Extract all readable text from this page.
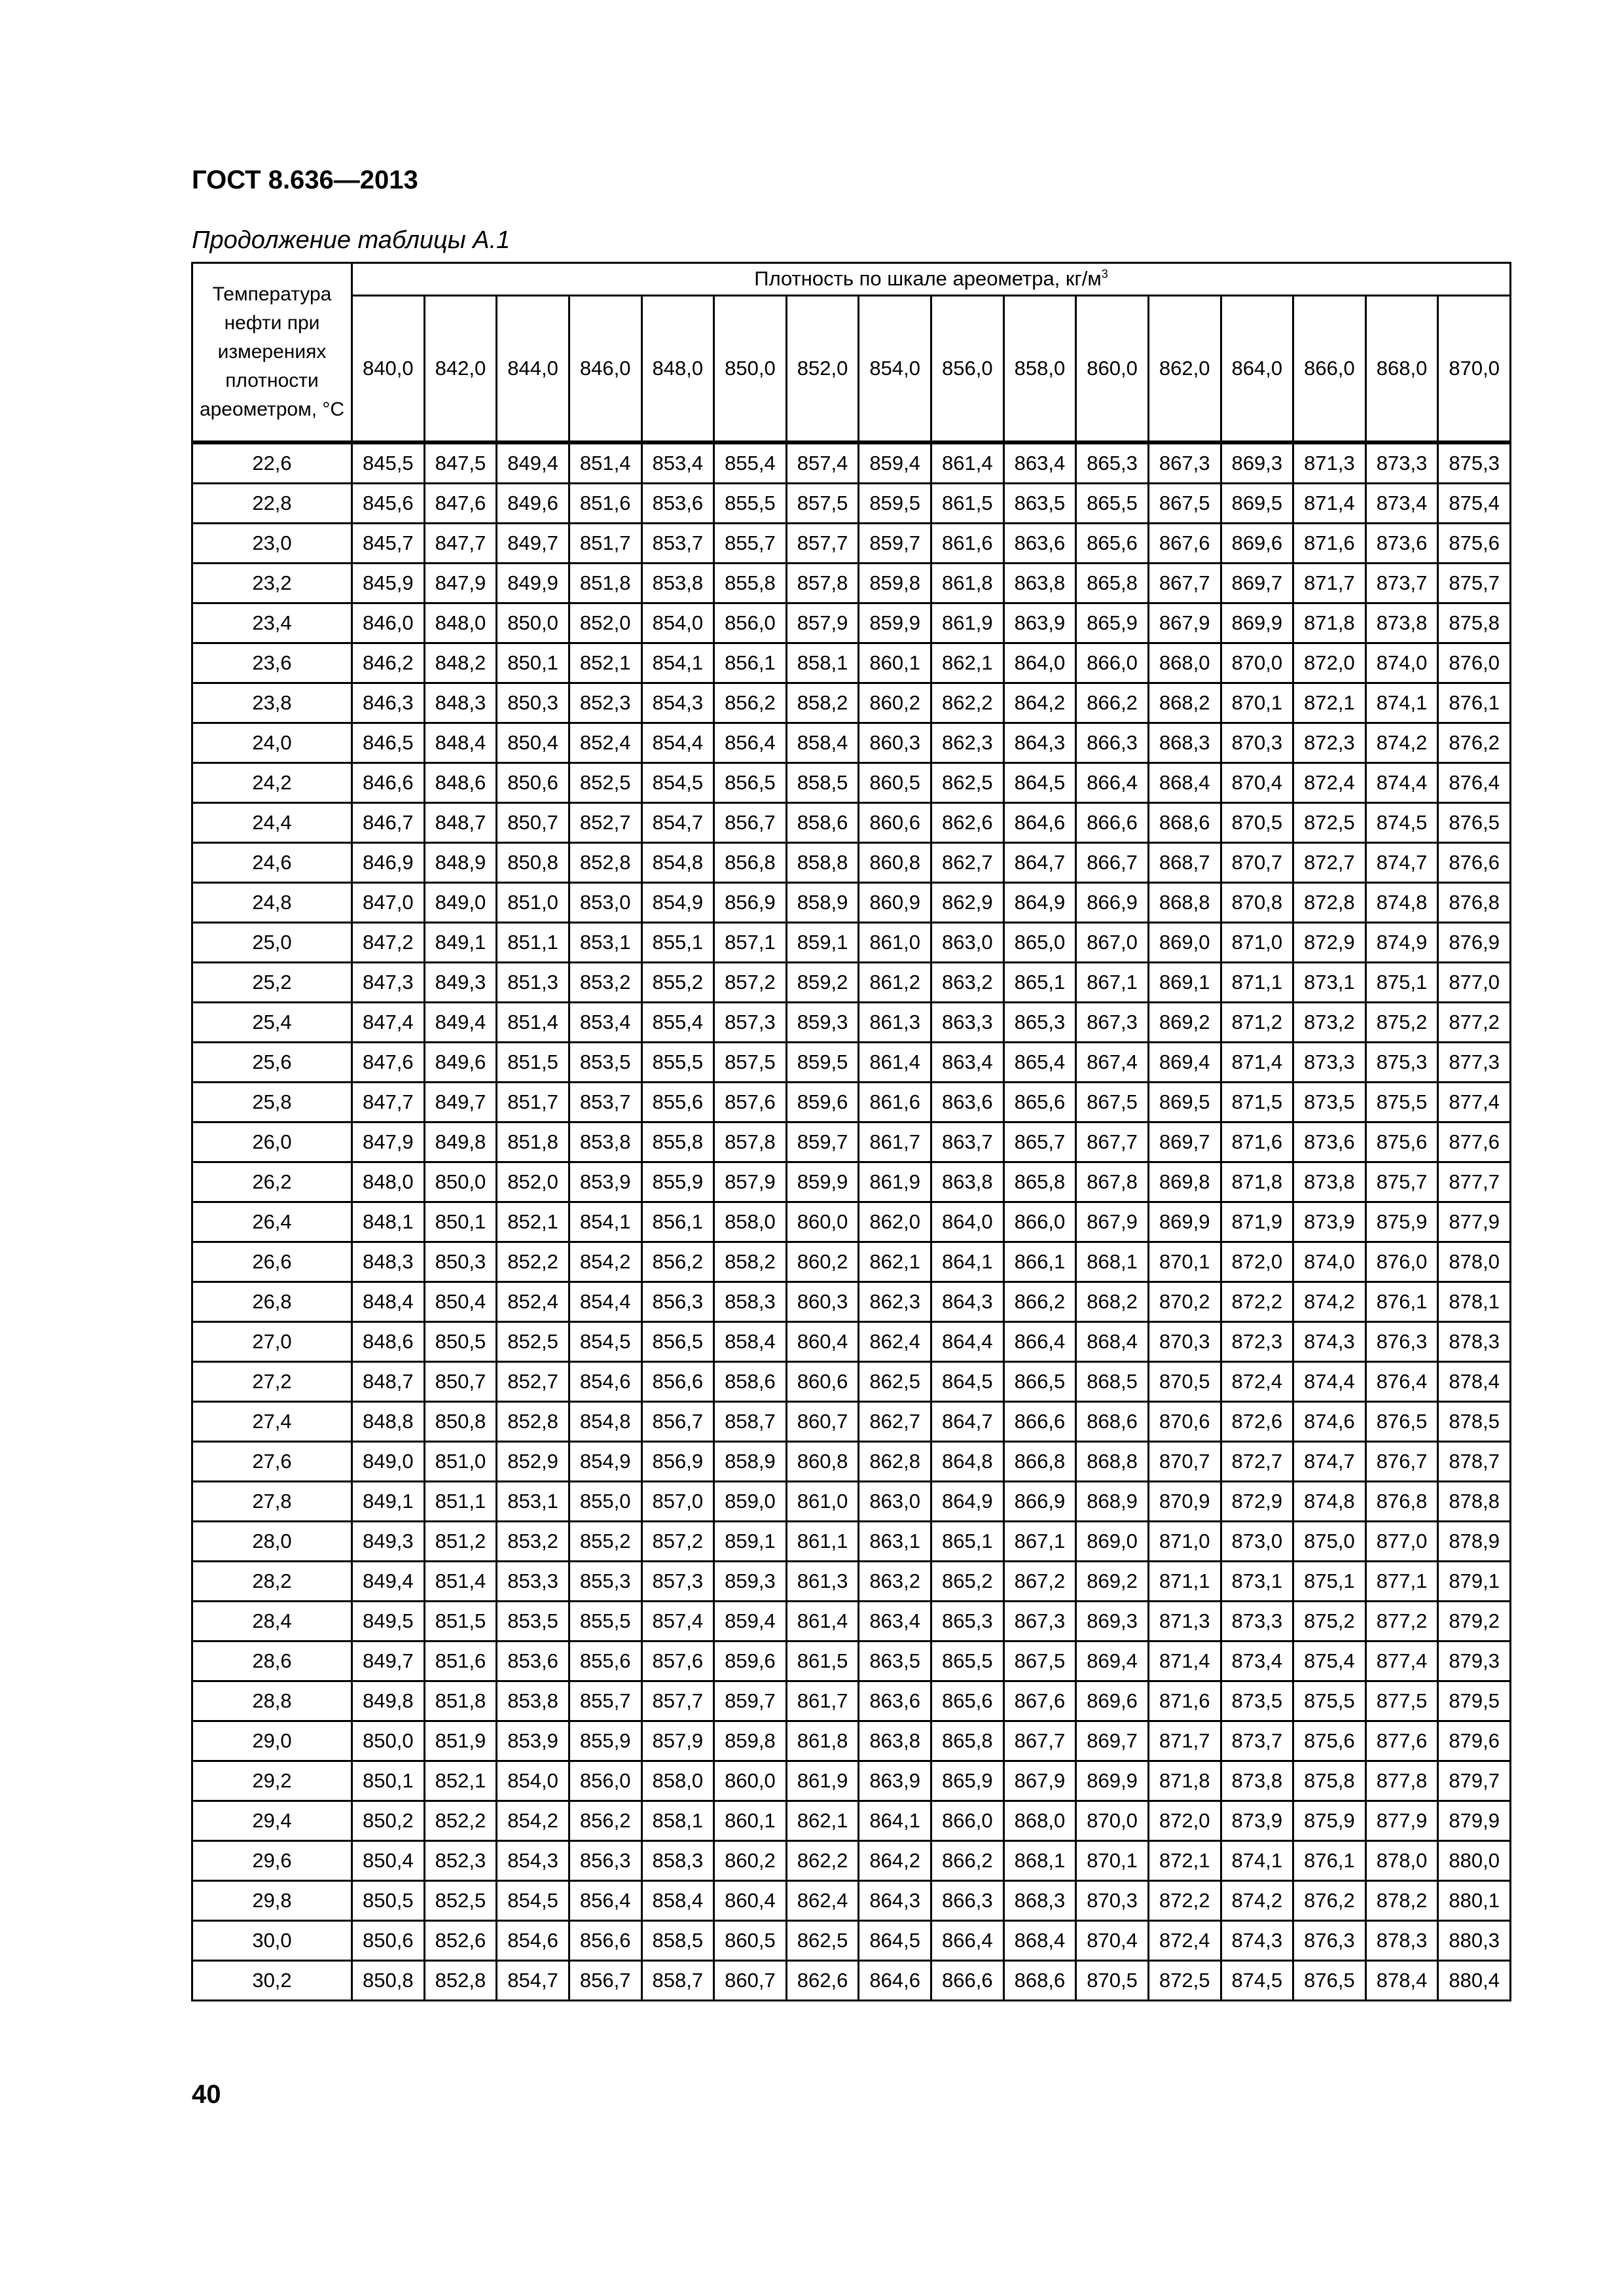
ГОСТ 8.636—2013
Продолжение таблицы А.1
Температура нефти при измерениях плотности ареометром, °С	Плотность по шкале ареометра, $кг/м^3$
	840,0	842,0	844,0	846,0	848,0	850,0	852,0	854,0	856,0	858,0	860,0	862,0	864,0	866,0	868,0	870,0
22,6	845,5	847,5	849,4	851,4	853,4	855,4	857,4	859,4	861,4	863,4	865,3	867,3	869,3	871,3	873,3	875,3
22,8	845,6	847,6	849,6	851,6	853,6	855,5	857,5	859,5	861,5	863,5	865,5	867,5	869,5	871,4	873,4	875,4
23,0	845,7	847,7	849,7	851,7	853,7	855,7	857,7	859,7	861,6	863,6	865,6	867,6	869,6	871,6	873,6	875,6
23,2	845,9	847,9	849,9	851,8	853,8	855,8	857,8	859,8	861,8	863,8	865,8	867,7	869,7	871,7	873,7	875,7
23,4	846,0	848,0	850,0	852,0	854,0	856,0	857,9	859,9	861,9	863,9	865,9	867,9	869,9	871,8	873,8	875,8
23,6	846,2	848,2	850,1	852,1	854,1	856,1	858,1	860,1	862,1	864,0	866,0	868,0	870,0	872,0	874,0	876,0
23,8	846,3	848,3	850,3	852,3	854,3	856,2	858,2	860,2	862,2	864,2	866,2	868,2	870,1	872,1	874,1	876,1
24,0	846,5	848,4	850,4	852,4	854,4	856,4	858,4	860,3	862,3	864,3	866,3	868,3	870,3	872,3	874,2	876,2
24,2	846,6	848,6	850,6	852,5	854,5	856,5	858,5	860,5	862,5	864,5	866,4	868,4	870,4	872,4	874,4	876,4
24,4	846,7	848,7	850,7	852,7	854,7	856,7	858,6	860,6	862,6	864,6	866,6	868,6	870,5	872,5	874,5	876,5
24,6	846,9	848,9	850,8	852,8	854,8	856,8	858,8	860,8	862,7	864,7	866,7	868,7	870,7	872,7	874,7	876,6
24,8	847,0	849,0	851,0	853,0	854,9	856,9	858,9	860,9	862,9	864,9	866,9	868,8	870,8	872,8	874,8	876,8
25,0	847,2	849,1	851,1	853,1	855,1	857,1	859,1	861,0	863,0	865,0	867,0	869,0	871,0	872,9	874,9	876,9
25,2	847,3	849,3	851,3	853,2	855,2	857,2	859,2	861,2	863,2	865,1	867,1	869,1	871,1	873,1	875,1	877,0
25,4	847,4	849,4	851,4	853,4	855,4	857,3	859,3	861,3	863,3	865,3	867,3	869,2	871,2	873,2	875,2	877,2
25,6	847,6	849,6	851,5	853,5	855,5	857,5	859,5	861,4	863,4	865,4	867,4	869,4	871,4	873,3	875,3	877,3
25,8	847,7	849,7	851,7	853,7	855,6	857,6	859,6	861,6	863,6	865,6	867,5	869,5	871,5	873,5	875,5	877,4
26,0	847,9	849,8	851,8	853,8	855,8	857,8	859,7	861,7	863,7	865,7	867,7	869,7	871,6	873,6	875,6	877,6
26,2	848,0	850,0	852,0	853,9	855,9	857,9	859,9	861,9	863,8	865,8	867,8	869,8	871,8	873,8	875,7	877,7
26,4	848,1	850,1	852,1	854,1	856,1	858,0	860,0	862,0	864,0	866,0	867,9	869,9	871,9	873,9	875,9	877,9
26,6	848,3	850,3	852,2	854,2	856,2	858,2	860,2	862,1	864,1	866,1	868,1	870,1	872,0	874,0	876,0	878,0
26,8	848,4	850,4	852,4	854,4	856,3	858,3	860,3	862,3	864,3	866,2	868,2	870,2	872,2	874,2	876,1	878,1
27,0	848,6	850,5	852,5	854,5	856,5	858,4	860,4	862,4	864,4	866,4	868,4	870,3	872,3	874,3	876,3	878,3
27,2	848,7	850,7	852,7	854,6	856,6	858,6	860,6	862,5	864,5	866,5	868,5	870,5	872,4	874,4	876,4	878,4
27,4	848,8	850,8	852,8	854,8	856,7	858,7	860,7	862,7	864,7	866,6	868,6	870,6	872,6	874,6	876,5	878,5
27,6	849,0	851,0	852,9	854,9	856,9	858,9	860,8	862,8	864,8	866,8	868,8	870,7	872,7	874,7	876,7	878,7
27,8	849,1	851,1	853,1	855,0	857,0	859,0	861,0	863,0	864,9	866,9	868,9	870,9	872,9	874,8	876,8	878,8
28,0	849,3	851,2	853,2	855,2	857,2	859,1	861,1	863,1	865,1	867,1	869,0	871,0	873,0	875,0	877,0	878,9
28,2	849,4	851,4	853,3	855,3	857,3	859,3	861,3	863,2	865,2	867,2	869,2	871,1	873,1	875,1	877,1	879,1
28,4	849,5	851,5	853,5	855,5	857,4	859,4	861,4	863,4	865,3	867,3	869,3	871,3	873,3	875,2	877,2	879,2
28,6	849,7	851,6	853,6	855,6	857,6	859,6	861,5	863,5	865,5	867,5	869,4	871,4	873,4	875,4	877,4	879,3
28,8	849,8	851,8	853,8	855,7	857,7	859,7	861,7	863,6	865,6	867,6	869,6	871,6	873,5	875,5	877,5	879,5
29,0	850,0	851,9	853,9	855,9	857,9	859,8	861,8	863,8	865,8	867,7	869,7	871,7	873,7	875,6	877,6	879,6
29,2	850,1	852,1	854,0	856,0	858,0	860,0	861,9	863,9	865,9	867,9	869,9	871,8	873,8	875,8	877,8	879,7
29,4	850,2	852,2	854,2	856,2	858,1	860,1	862,1	864,1	866,0	868,0	870,0	872,0	873,9	875,9	877,9	879,9
29,6	850,4	852,3	854,3	856,3	858,3	860,2	862,2	864,2	866,2	868,1	870,1	872,1	874,1	876,1	878,0	880,0
29,8	850,5	852,5	854,5	856,4	858,4	860,4	862,4	864,3	866,3	868,3	870,3	872,2	874,2	876,2	878,2	880,1
30,0	850,6	852,6	854,6	856,6	858,5	860,5	862,5	864,5	866,4	868,4	870,4	872,4	874,3	876,3	878,3	880,3
30,2	850,8	852,8	854,7	856,7	858,7	860,7	862,6	864,6	866,6	868,6	870,5	872,5	874,5	876,5	878,4	880,4
40
